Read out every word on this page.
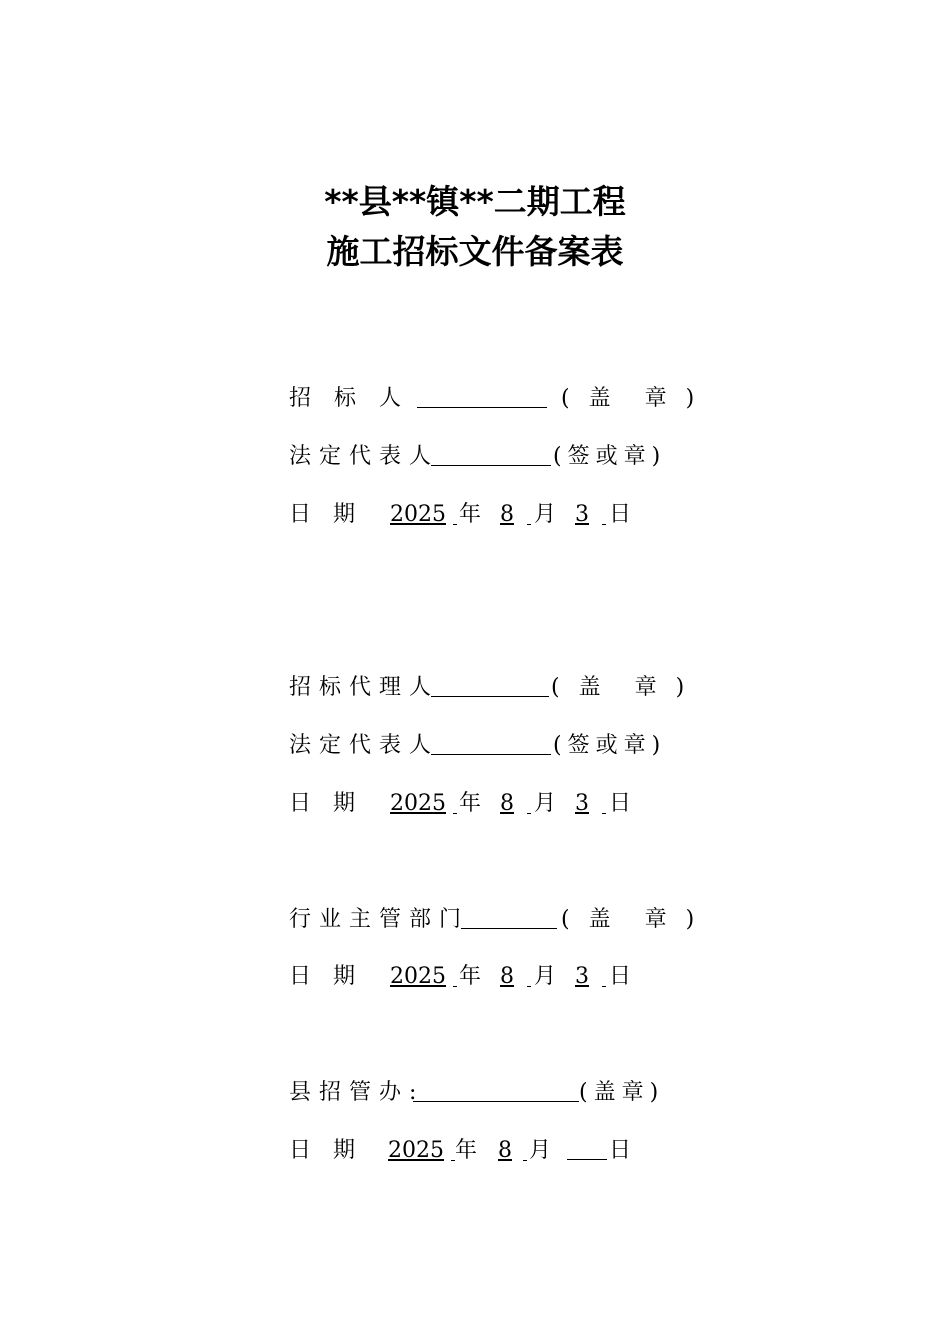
**县**镇**二期工程
施工招标文件备案表
招 标 人	( 盖　章 )
法定代表人	(签或章)
日　期 2025 年 8 月 3 日
招标代理人	( 盖　章 )
法定代表人	(签或章)
日　期 2025 年 8 月 3 日
行业主管部门	( 盖　章 )
日　期 2025 年 8 月 3 日
县招管办:	(盖章)
日　期 2025 年 8 月	日
